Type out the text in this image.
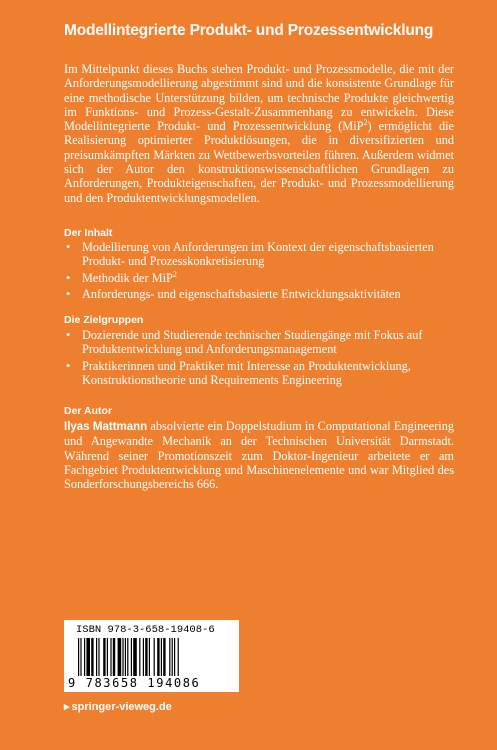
Modellintegrierte Produkt- und Prozessentwicklung

Im Mittelpunkt dieses Buchs stehen Produkt- und Prozessmodelle, die mit der Anforderungsmodellierung abgestimmt sind und die konsistente Grundlage für eine methodische Unterstützung bilden, um technische Produkte gleichwertig im Funktions- und Prozess-Gestalt-Zusammenhang zu entwickeln. Diese Modellintegrierte Produkt- und Prozessentwicklung (MiP$^2$) ermöglicht die Realisierung optimierter Produktlösungen, die in diversifizierten und preisumkämpften Märkten zu Wettbewerbsvorteilen führen. Außerdem widmet sich der Autor den konstruktionswissenschaftlichen Grundlagen zu Anforderungen, Produkteigenschaften, der Produkt- und Prozessmodellierung und den Produktentwicklungsmodellen.

Der Inhalt
• Modellierung von Anforderungen im Kontext der eigenschaftsbasierten Produkt- und Prozesskonkretisierung
• Methodik der MiP$^2$
• Anforderungs- und eigenschaftsbasierte Entwicklungsaktivitäten
Die Zielgruppen
• Dozierende und Studierende technischer Studiengänge mit Fokus auf Produktentwicklung und Anforderungsmanagement
• Praktikerinnen und Praktiker mit Interesse an Produktentwicklung, Konstruktionstheorie und Requirements Engineering
Der Autor

Ilyas Mattmann absolvierte ein Doppelstudium in Computational Engineering und Angewandte Mechanik an der Technischen Universität Darmstadt. Während seiner Promotionszeit zum Doktor-Ingenieur arbeitete er am Fachgebiet Produktentwicklung und Maschinenelemente und war Mitglied des Sonderforschungsbereichs 666.

ISBN 978-3-658-19408-6
9 783658 194086
▸ springer-vieweg.de
